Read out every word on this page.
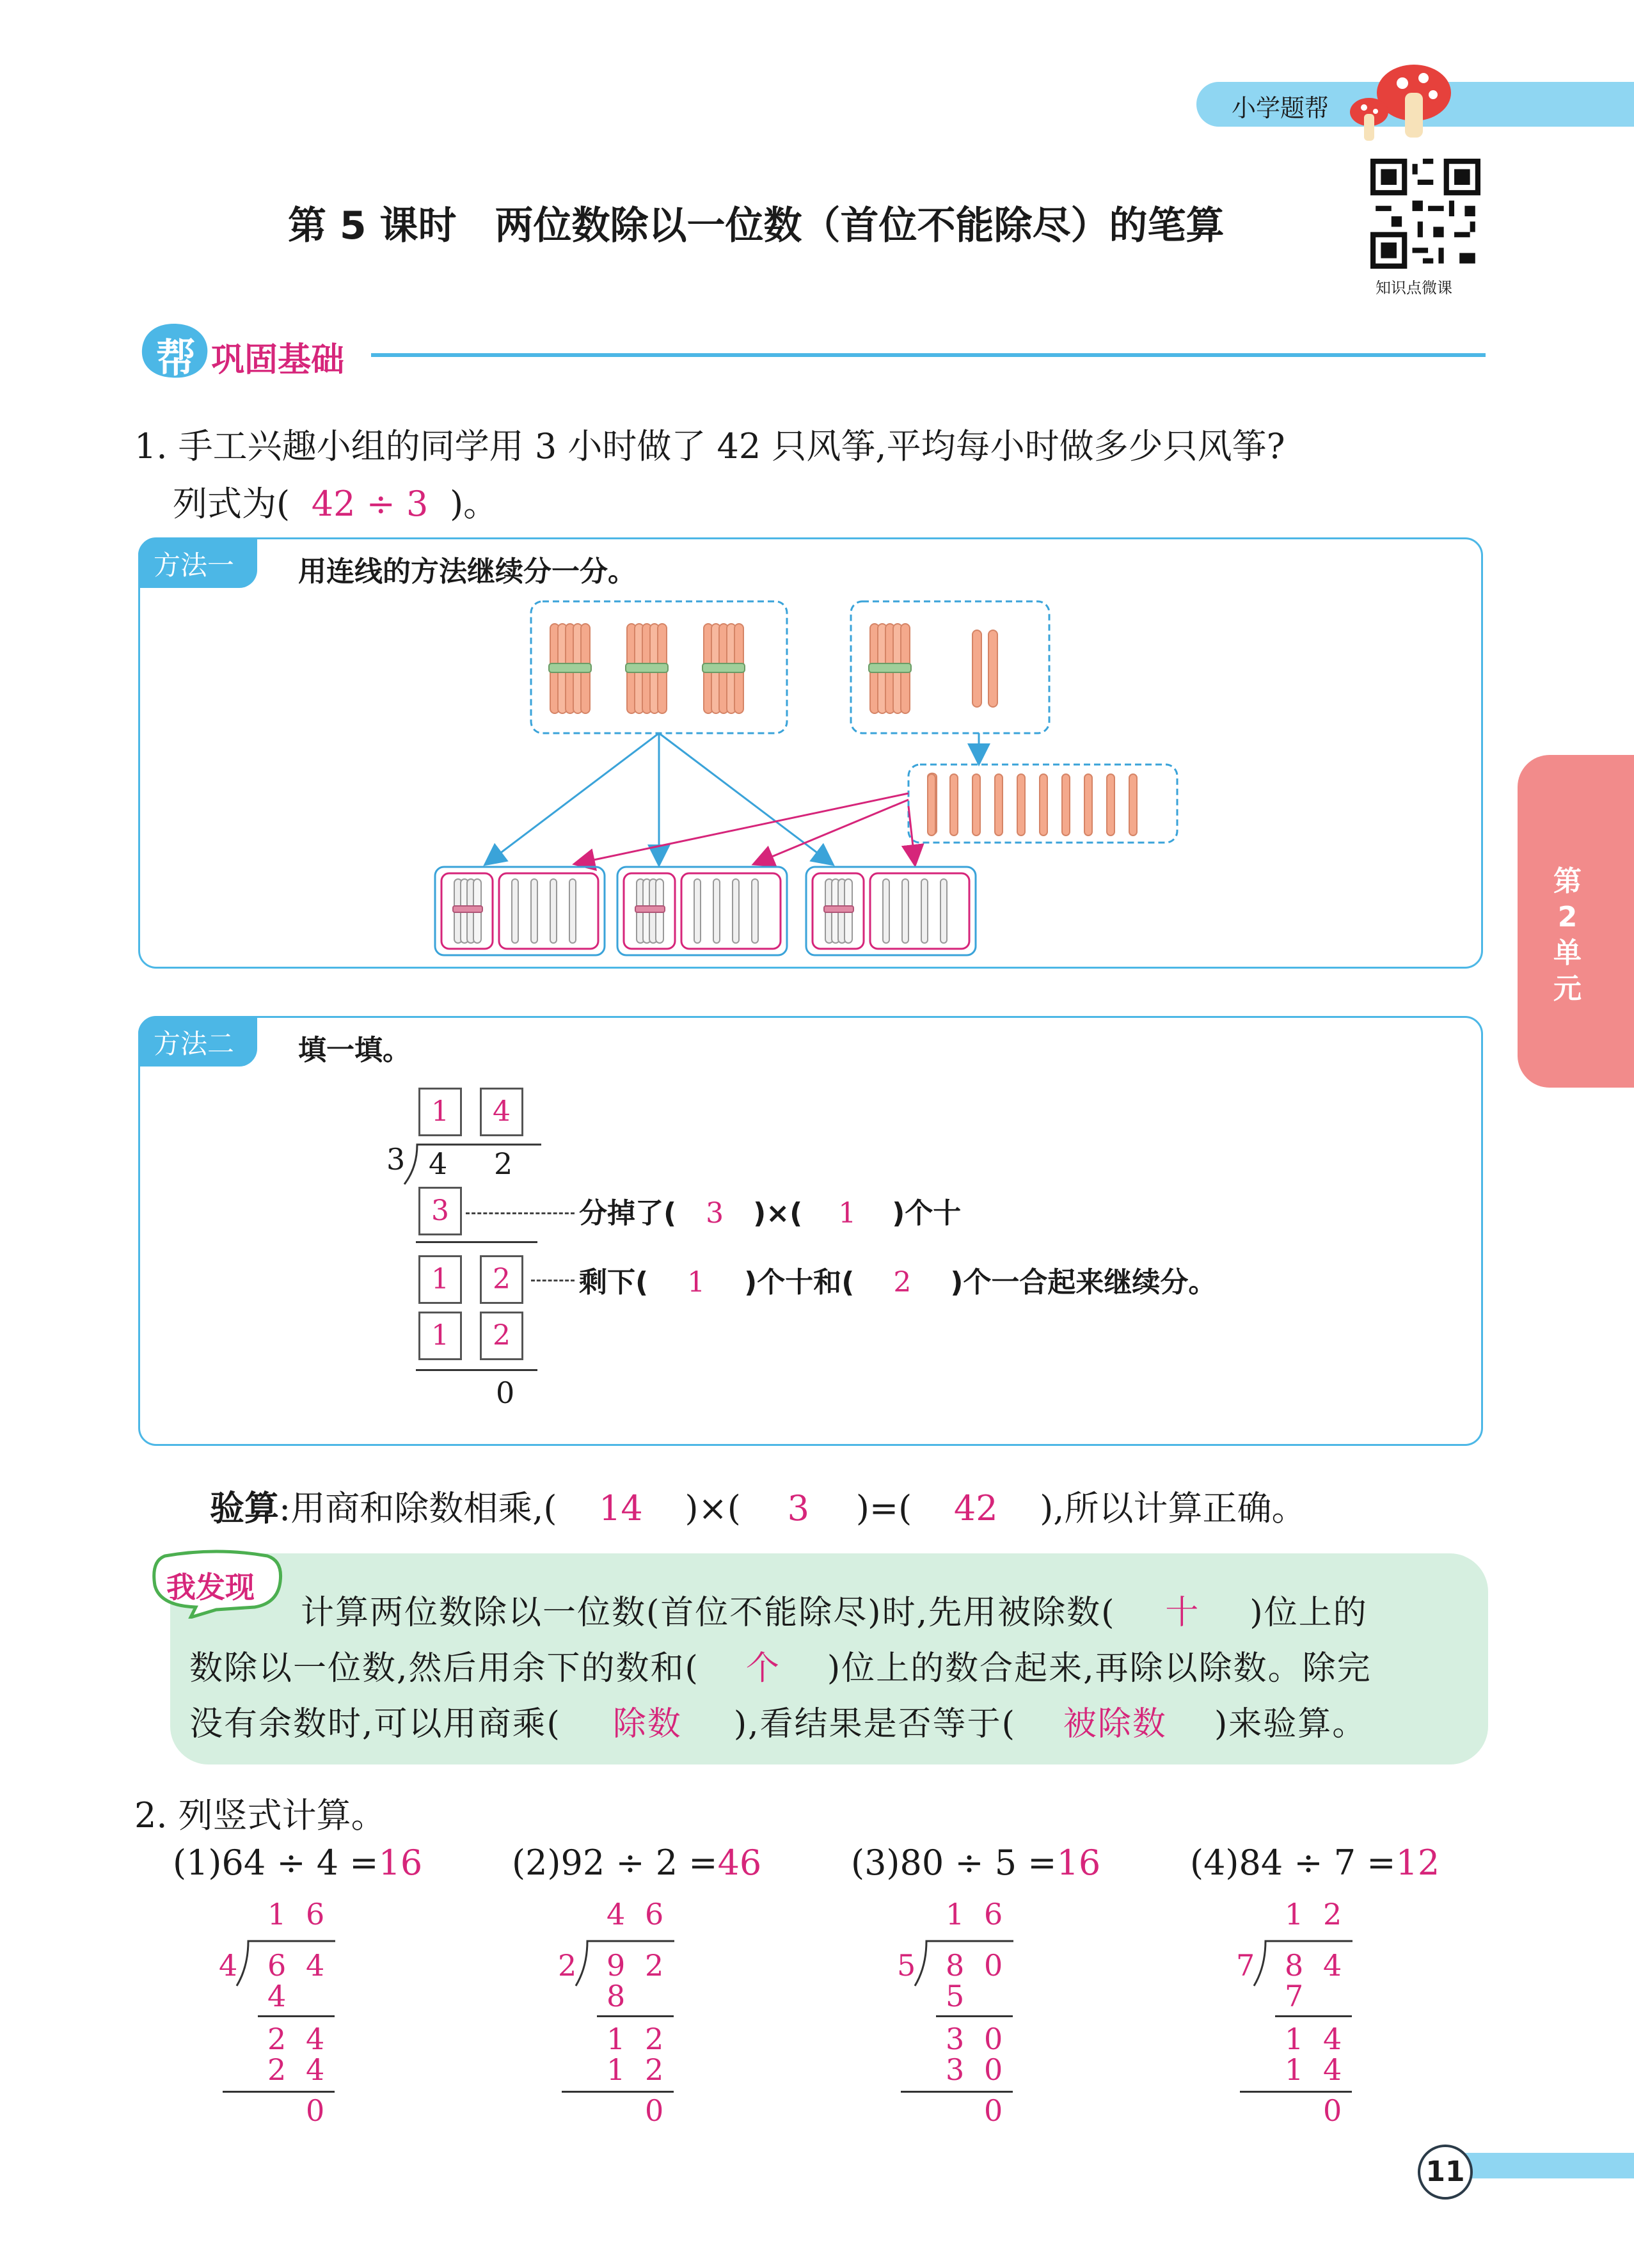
小学题帮
第 5 课时　两位数除以一位数（首位不能除尽）的笔算
知识点微课
帮 巩固基础
1. 手工兴趣小组的同学用 3 小时做了 42 只风筝,平均每小时做多少只风筝?
列式为( 42 ÷ 3 )。
方法一	用连线的方法继续分一分。
方法二	填一填。
1	4
3 4 2
3
1	2
1	2
0
分掉了( 3 )×( 1 )个十
剩下( 1 )个十和( 2 )个一合起来继续分。
验算:用商和除数相乘,( 14 )×( 3 )=( 42 ),所以计算正确。
我发现
计算两位数除以一位数(首位不能除尽)时,先用被除数( 十 )位上的
数除以一位数,然后用余下的数和( 个 )位上的数合起来,再除以除数。除完
没有余数时,可以用商乘( 除数 ),看结果是否等于( 被除数 )来验算。
2. 列竖式计算。
(1)64 ÷ 4 =16
1 6
4 6 4
4
2 4
2 4
0
(2)92 ÷ 2 =46
4 6
2 9 2
8
1 2
1 2
0
(3)80 ÷ 5 =16
1 6
5 8 0
5
3 0
3 0
0
(4)84 ÷ 7 =12
1 2
7 8 4
7
1 4
1 4
0
第2单元
11
